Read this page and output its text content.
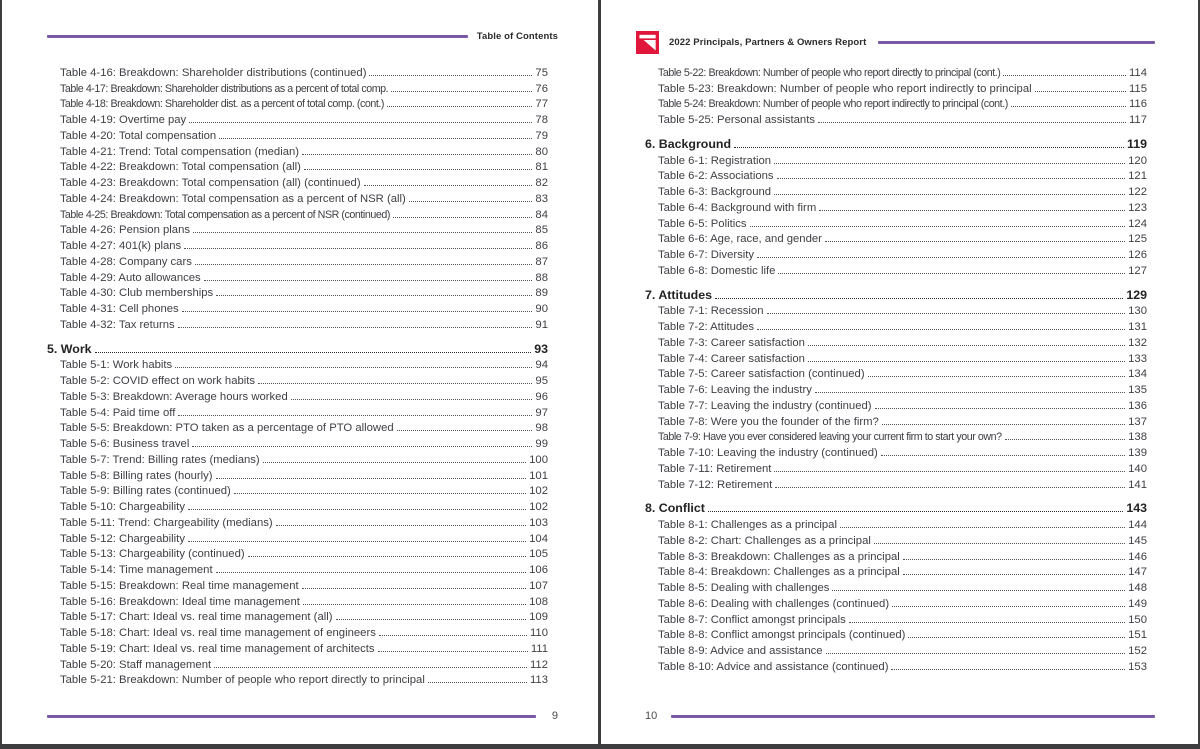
Table of Contents
Table 4-16: Breakdown: Shareholder distributions (continued)	75
Table 4-17: Breakdown: Shareholder distributions as a percent of total comp.	76
Table 4-18: Breakdown: Shareholder dist. as a percent of total comp. (cont.)	77
Table 4-19: Overtime pay	78
Table 4-20: Total compensation	79
Table 4-21: Trend: Total compensation (median)	80
Table 4-22: Breakdown: Total compensation (all)	81
Table 4-23: Breakdown: Total compensation (all) (continued)	82
Table 4-24: Breakdown: Total compensation as a percent of NSR (all)	83
Table 4-25: Breakdown: Total compensation as a percent of NSR (continued)	84
Table 4-26: Pension plans	85
Table 4-27: 401(k) plans	86
Table 4-28: Company cars	87
Table 4-29: Auto allowances	88
Table 4-30: Club memberships	89
Table 4-31: Cell phones	90
Table 4-32: Tax returns	91
5. Work	93
Table 5-1: Work habits	94
Table 5-2: COVID effect on work habits	95
Table 5-3: Breakdown: Average hours worked	96
Table 5-4: Paid time off	97
Table 5-5: Breakdown: PTO taken as a percentage of PTO allowed	98
Table 5-6: Business travel	99
Table 5-7: Trend: Billing rates (medians)	100
Table 5-8: Billing rates (hourly)	101
Table 5-9: Billing rates (continued)	102
Table 5-10: Chargeability	102
Table 5-11: Trend: Chargeability (medians)	103
Table 5-12: Chargeability	104
Table 5-13: Chargeability (continued)	105
Table 5-14: Time management	106
Table 5-15: Breakdown: Real time management	107
Table 5-16: Breakdown: Ideal time management	108
Table 5-17: Chart: Ideal vs. real time management (all)	109
Table 5-18: Chart: Ideal vs. real time management of engineers	110
Table 5-19: Chart: Ideal vs. real time management of architects	111
Table 5-20: Staff management	112
Table 5-21: Breakdown: Number of people who report directly to principal	113
9
2022 Principals, Partners & Owners Report
Table 5-22: Breakdown: Number of people who report directly to principal (cont.)	114
Table 5-23: Breakdown: Number of people who report indirectly to principal	115
Table 5-24: Breakdown: Number of people who report indirectly to principal (cont.)	116
Table 5-25: Personal assistants	117
6. Background	119
Table 6-1: Registration	120
Table 6-2: Associations	121
Table 6-3: Background	122
Table 6-4: Background with firm	123
Table 6-5: Politics	124
Table 6-6: Age, race, and gender	125
Table 6-7: Diversity	126
Table 6-8: Domestic life	127
7. Attitudes	129
Table 7-1: Recession	130
Table 7-2: Attitudes	131
Table 7-3: Career satisfaction	132
Table 7-4: Career satisfaction	133
Table 7-5: Career satisfaction (continued)	134
Table 7-6: Leaving the industry	135
Table 7-7: Leaving the industry (continued)	136
Table 7-8: Were you the founder of the firm?	137
Table 7-9: Have you ever considered leaving your current firm to start your own?	138
Table 7-10: Leaving the industry (continued)	139
Table 7-11: Retirement	140
Table 7-12: Retirement	141
8. Conflict	143
Table 8-1: Challenges as a principal	144
Table 8-2: Chart: Challenges as a principal	145
Table 8-3: Breakdown: Challenges as a principal	146
Table 8-4: Breakdown: Challenges as a principal	147
Table 8-5: Dealing with challenges	148
Table 8-6: Dealing with challenges (continued)	149
Table 8-7: Conflict amongst principals	150
Table 8-8: Conflict amongst principals (continued)	151
Table 8-9: Advice and assistance	152
Table 8-10: Advice and assistance (continued)	153
10
